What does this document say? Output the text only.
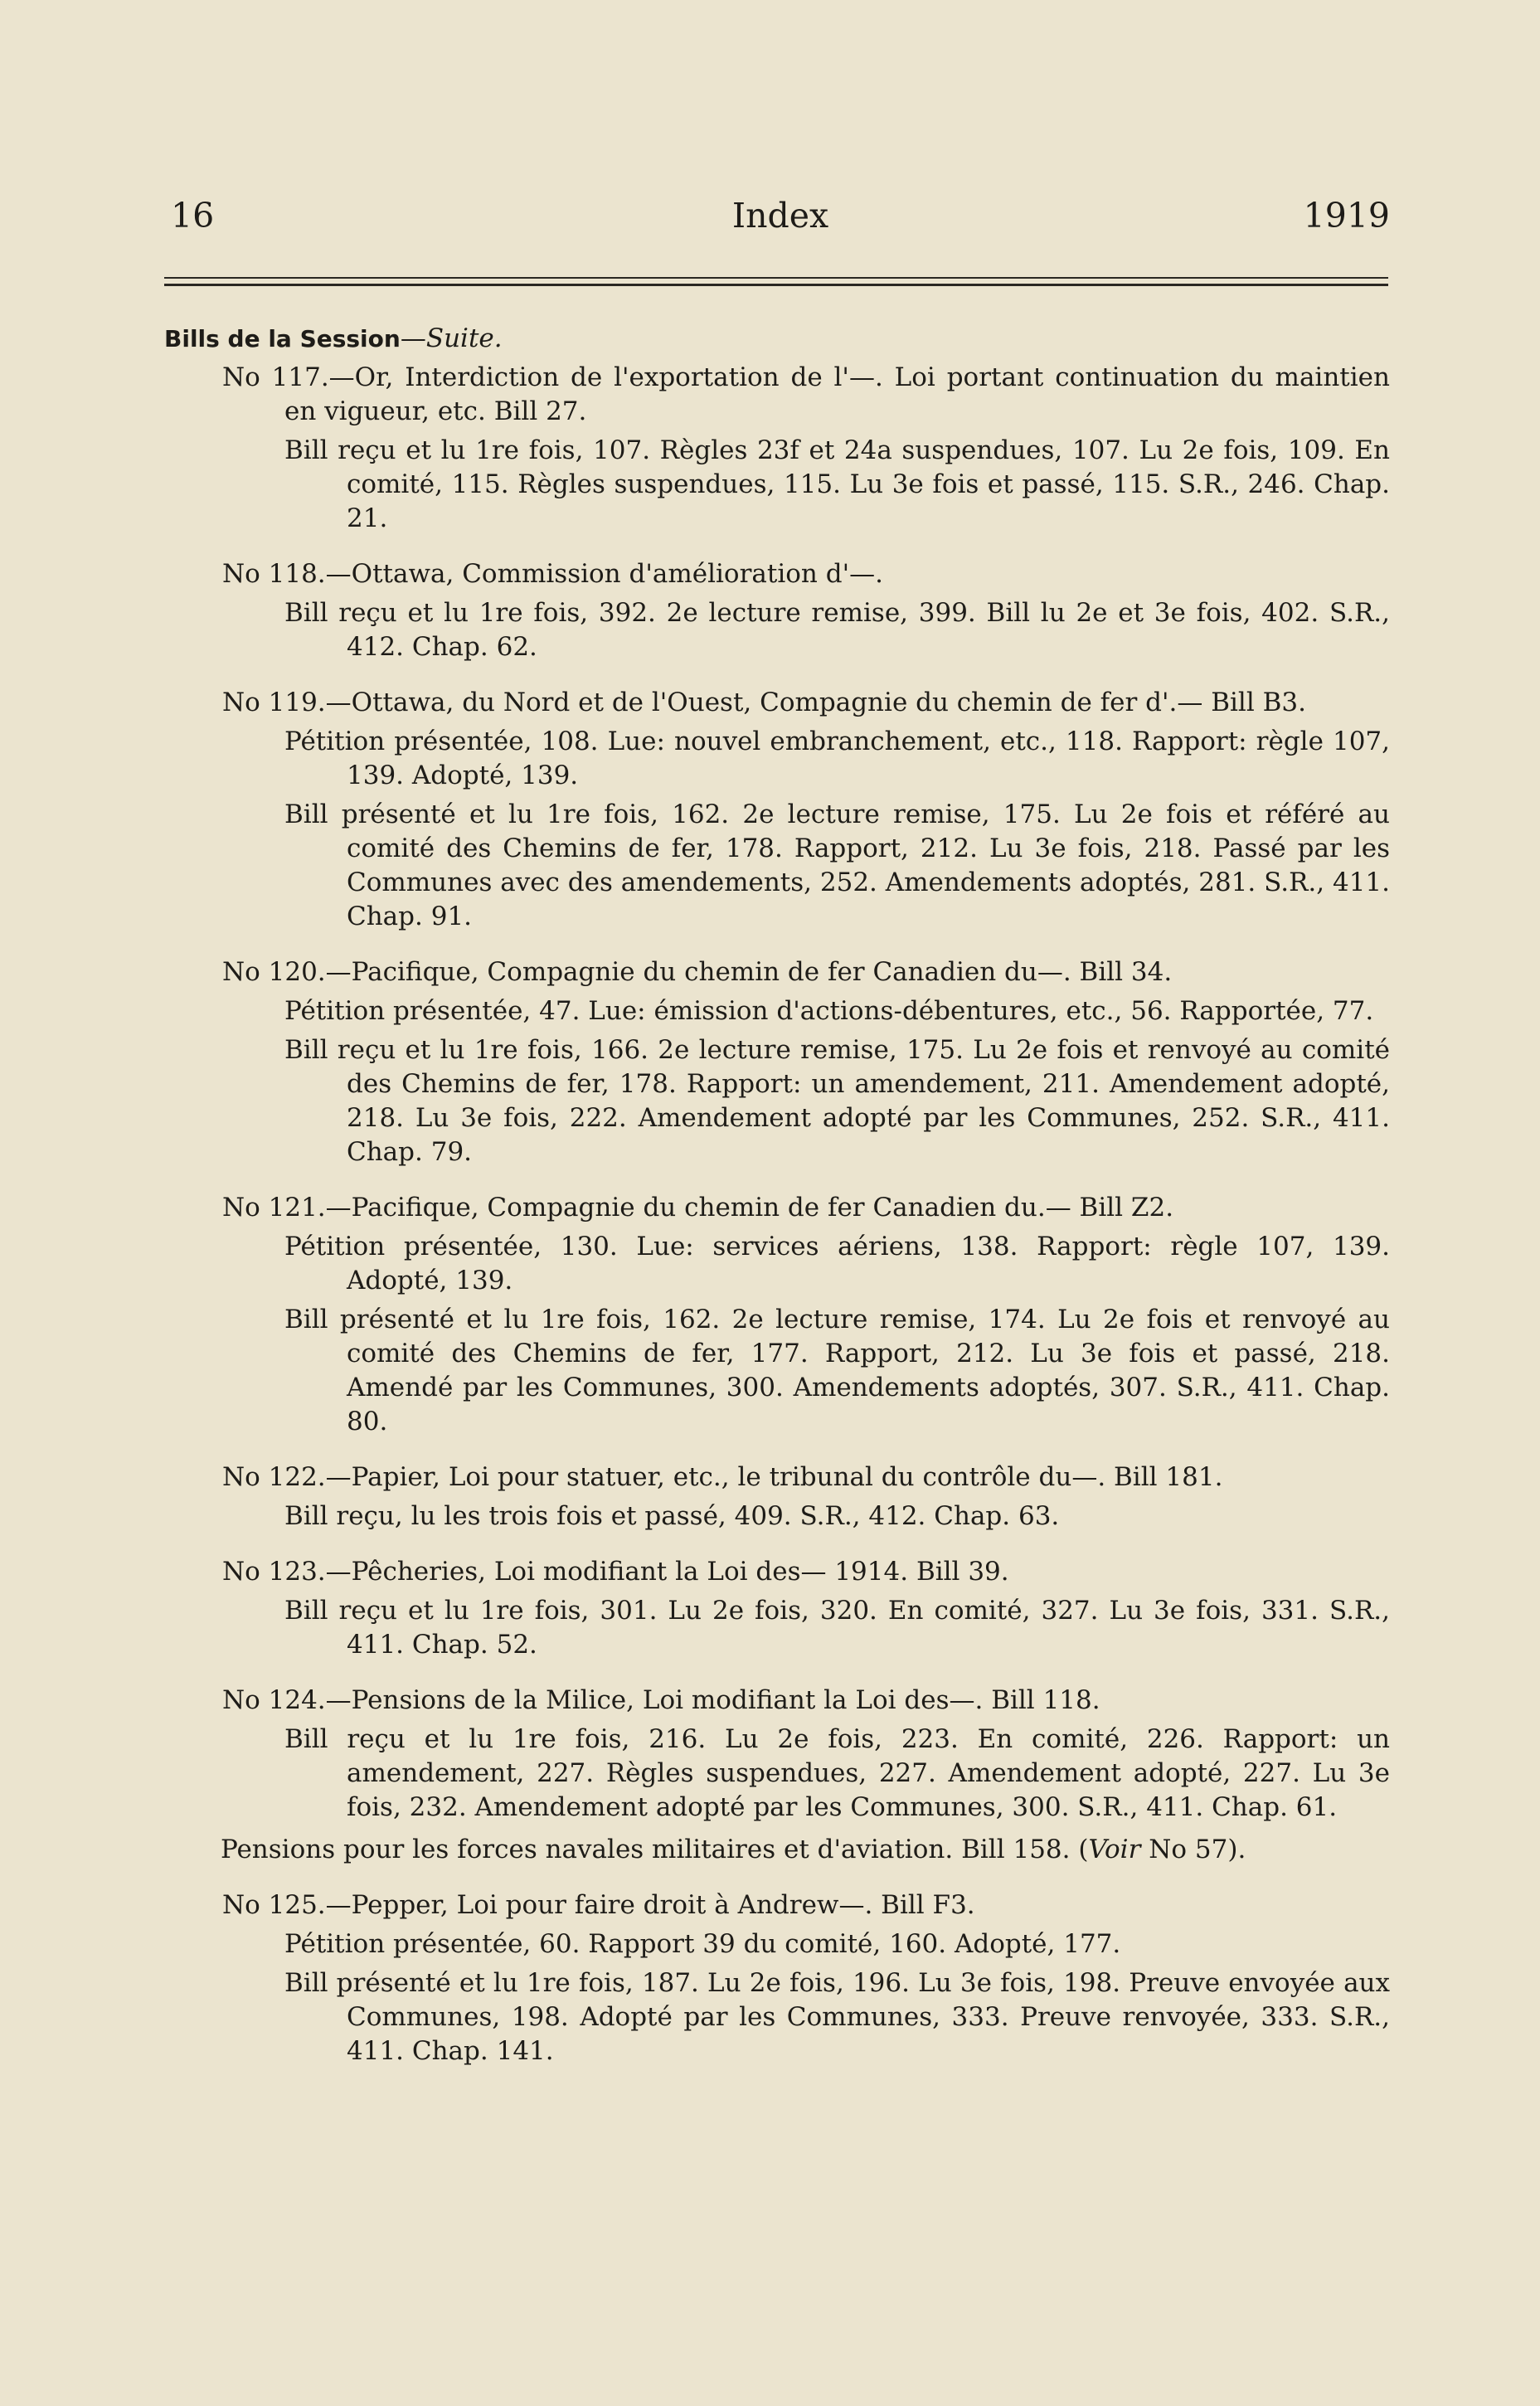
16	Index	1919
Bills de la Session—Suite.
No 117.—Or, Interdiction de l'exportation de l'—. Loi portant continuation du maintien en vigueur, etc. Bill 27.
Bill reçu et lu 1re fois, 107. Règles 23f et 24a suspendues, 107. Lu 2e fois, 109. En comité, 115. Règles suspendues, 115. Lu 3e fois et passé, 115. S.R., 246. Chap. 21.
No 118.—Ottawa, Commission d'amélioration d'—.
Bill reçu et lu 1re fois, 392. 2e lecture remise, 399. Bill lu 2e et 3e fois, 402. S.R., 412. Chap. 62.
No 119.—Ottawa, du Nord et de l'Ouest, Compagnie du chemin de fer d'.— Bill B3.
Pétition présentée, 108. Lue: nouvel embranchement, etc., 118. Rapport: règle 107, 139. Adopté, 139.
Bill présenté et lu 1re fois, 162. 2e lecture remise, 175. Lu 2e fois et référé au comité des Chemins de fer, 178. Rapport, 212. Lu 3e fois, 218. Passé par les Communes avec des amendements, 252. Amendements adoptés, 281. S.R., 411. Chap. 91.
No 120.—Pacifique, Compagnie du chemin de fer Canadien du—. Bill 34.
Pétition présentée, 47. Lue: émission d'actions-débentures, etc., 56. Rapportée, 77.
Bill reçu et lu 1re fois, 166. 2e lecture remise, 175. Lu 2e fois et renvoyé au comité des Chemins de fer, 178. Rapport: un amendement, 211. Amendement adopté, 218. Lu 3e fois, 222. Amendement adopté par les Communes, 252. S.R., 411. Chap. 79.
No 121.—Pacifique, Compagnie du chemin de fer Canadien du.— Bill Z2.
Pétition présentée, 130. Lue: services aériens, 138. Rapport: règle 107, 139. Adopté, 139.
Bill présenté et lu 1re fois, 162. 2e lecture remise, 174. Lu 2e fois et renvoyé au comité des Chemins de fer, 177. Rapport, 212. Lu 3e fois et passé, 218. Amendé par les Communes, 300. Amendements adoptés, 307. S.R., 411. Chap. 80.
No 122.—Papier, Loi pour statuer, etc., le tribunal du contrôle du—. Bill 181.
Bill reçu, lu les trois fois et passé, 409. S.R., 412. Chap. 63.
No 123.—Pêcheries, Loi modifiant la Loi des— 1914. Bill 39.
Bill reçu et lu 1re fois, 301. Lu 2e fois, 320. En comité, 327. Lu 3e fois, 331. S.R., 411. Chap. 52.
No 124.—Pensions de la Milice, Loi modifiant la Loi des—. Bill 118.
Bill reçu et lu 1re fois, 216. Lu 2e fois, 223. En comité, 226. Rapport: un amendement, 227. Règles suspendues, 227. Amendement adopté, 227. Lu 3e fois, 232. Amendement adopté par les Communes, 300. S.R., 411. Chap. 61.
Pensions pour les forces navales militaires et d'aviation. Bill 158. (Voir No 57).
No 125.—Pepper, Loi pour faire droit à Andrew—. Bill F3.
Pétition présentée, 60. Rapport 39 du comité, 160. Adopté, 177.
Bill présenté et lu 1re fois, 187. Lu 2e fois, 196. Lu 3e fois, 198. Preuve envoyée aux Communes, 198. Adopté par les Communes, 333. Preuve renvoyée, 333. S.R., 411. Chap. 141.
